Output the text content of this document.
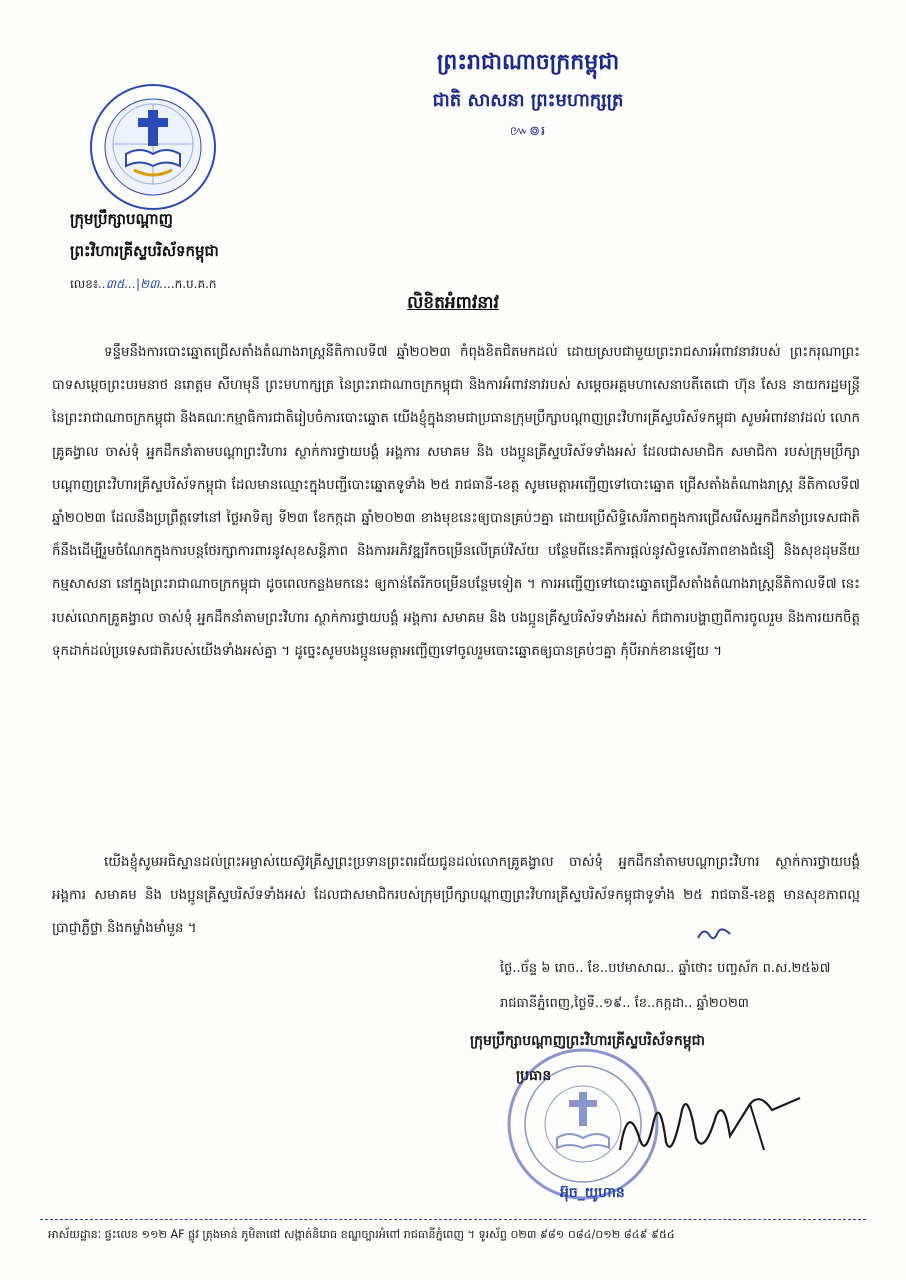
ព្រះរាជាណាចក្រកម្ពុជា
ជាតិ សាសនា ព្រះមហាក្សត្រ
៚៙៛
ក្រុមប្រឹក្សាបណ្ដាញ
ព្រះវិហារគ្រីស្ទបរិស័ទកម្ពុជា
លេខ៖..៣៥...|២៣....ក.ប.គ.ក
លិខិតអំពាវនាវ
ទន្ទឹមនឹងការបោះឆ្នោតជ្រើសតាំងតំណាងរាស្ត្រនីតិកាលទី៧ ឆ្នាំ២០២៣ កំពុងខិតជិតមកដល់ ដោយស្របជាមួយព្រះរាជសារអំពាវនាវរបស់ ព្រះករុណាព្រះបាទសម្តេចព្រះបរមនាថ នរោត្តម សីហមុនី ព្រះមហាក្សត្រ នៃព្រះរាជាណាចក្រកម្ពុជា និងការអំពាវនាវរបស់ សម្តេចអគ្គមហាសេនាបតីតេជោ ហ៊ុន សែន នាយករដ្ឋមន្ត្រីនៃព្រះរាជាណាចក្រកម្ពុជា និងគណៈកម្មាធិការជាតិរៀបចំការបោះឆ្នោត យើងខ្ញុំក្នុងនាមជាប្រធានក្រុមប្រឹក្សាបណ្តាញព្រះវិហារគ្រីស្ទបរិស័ទកម្ពុជា សូមអំពាវនាវដល់ លោកគ្រូគង្វាល ចាស់ទុំ អ្នកដឹកនាំតាមបណ្តាព្រះវិហារ ស្ថាក់ការថ្វាយបង្គំ អង្គការ សមាគម និង បងប្អូនគ្រីស្ទបរិស័ទទាំងអស់ ដែលជាសមាជិក សមាជិកា របស់ក្រុមប្រឹក្សាបណ្តាញព្រះវិហារគ្រីស្ទបរិស័ទកម្ពុជា ដែលមានឈ្មោះក្នុងបញ្ជីបោះឆ្នោតទូទាំង ២៥ រាជធានី-ខេត្ត សូមមេត្តាអញ្ជើញទៅបោះឆ្នោត ជ្រើសតាំងតំណាងរាស្ត្រ នីតិកាលទី៧ ឆ្នាំ២០២៣ ដែលនឹងប្រព្រឹត្តទៅនៅ ថ្ងៃអាទិត្យ ទី២៣ ខែកក្កដា ឆ្នាំ២០២៣ ខាងមុខនេះឲ្យបានគ្រប់ៗគ្នា ដោយប្រើសិទ្ធិសេរីភាពក្នុងការជ្រើសរើសអ្នកដឹកនាំប្រទេសជាតិ ក៏នឹងដើម្បីរួមចំណែកក្នុងការបន្តថែរក្សាការពារនូវសុខសន្តិភាព និងការអភិវឌ្ឍរីកចម្រើនលើគ្រប់វិស័យ បន្ថែមពីនេះគឺការផ្តល់នូវសិទ្ធសេរីភាពខាងជំនឿ និងសុខដុមនីយកម្មសាសនា នៅក្នុងព្រះរាជាណាចក្រកម្ពុជា ដូចពេលកន្លងមកនេះ ឲ្យកាន់តែរីកចម្រើនបន្ថែមទៀត ។ ការអញ្ជើញទៅបោះឆ្នោតជ្រើសតាំងតំណាងរាស្ត្រនីតិកាលទី៧ នេះ របស់លោកគ្រូគង្វាល ចាស់ទុំ អ្នកដឹកនាំតាមព្រះវិហារ ស្ថាក់ការថ្វាយបង្គំ អង្គការ សមាគម និង បងប្អូនគ្រីស្ទបរិស័ទទាំងអស់ ក៏ជាការបង្ហាញពីការចូលរួម និងការយកចិត្តទុកដាក់ដល់ប្រទេសជាតិរបស់យើងទាំងអស់គ្នា ។ ដូច្នេះសូមបងប្អូនមេត្តាអញ្ជើញទៅចូលរួមបោះឆ្នោតឲ្យបានគ្រប់ៗគ្នា កុំបីអាក់ខានឡើយ ។
យើងខ្ញុំសូមអធិស្ឋានដល់ព្រះអម្ចាស់យេស៊ូវគ្រីស្ទព្រះប្រទានព្រះពរជ័យជូនដល់លោកគ្រូគង្វាល ចាស់ទុំ អ្នកដឹកនាំតាមបណ្តាព្រះវិហារ ស្ថាក់ការថ្វាយបង្គំ អង្គការ សមាគម និង បងប្អូនគ្រីស្ទបរិស័ទទាំងអស់ ដែលជាសមាជិករបស់ក្រុមប្រឹក្សាបណ្តាញព្រះវិហារគ្រីស្ទបរិស័ទកម្ពុជាទូទាំង ២៥ រាជធានី-ខេត្ត មានសុខភាពល្អ ប្រាជ្ញាភ្លឺថ្លា និងកម្លាំងមាំមួន ។
ថ្ងៃ..ច័ន្ទ ៦ រោច.. ខែ..បឋមាសាឍ.. ឆ្នាំថោះ បញ្ចស័ក ព.ស.២៥៦៧
រាជធានីភ្នំពេញ,ថ្ងៃទី..១៩.. ខែ..កក្កដា.. ឆ្នាំ២០២៣
ក្រុមប្រឹក្សាបណ្តាញព្រះវិហារគ្រីស្ទបរិស័ទកម្ពុជា
ប្រធាន
អ៊ុច_យូហាន
អាស័យដ្ឋានៈ ផ្ទះលេខ ១១២ AF ផ្លូវ ត្រុងមាន់ ភូមិតាផៅ សង្កាត់និរោធ ខណ្ឌច្បារអំពៅ រាជធានីភ្នំពេញ ។ ទូរស័ព្ទ ០២៣ ៩៨១ ០៨៤/០១២ ៨៤៩ ៩៥៤
